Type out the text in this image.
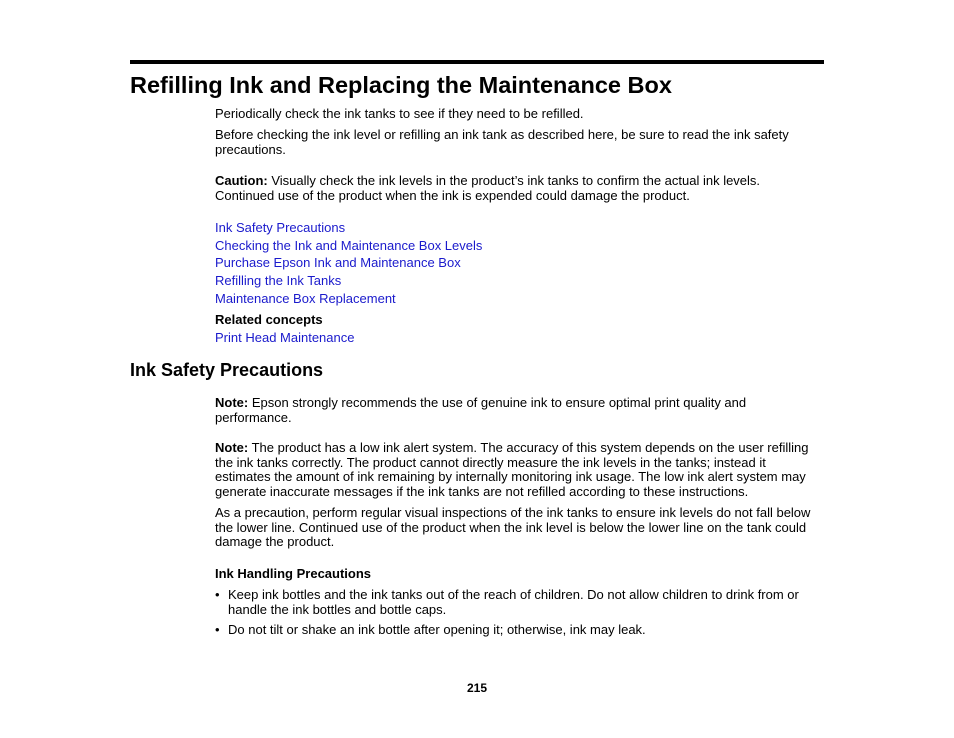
Refilling Ink and Replacing the Maintenance Box

Periodically check the ink tanks to see if they need to be refilled.

Before checking the ink level or refilling an ink tank as described here, be sure to read the ink safety precautions.

Caution: Visually check the ink levels in the product’s ink tanks to confirm the actual ink levels. Continued use of the product when the ink is expended could damage the product.

Ink Safety Precautions
Checking the Ink and Maintenance Box Levels
Purchase Epson Ink and Maintenance Box
Refilling the Ink Tanks
Maintenance Box Replacement
Related concepts
Print Head Maintenance
Ink Safety Precautions

Note: Epson strongly recommends the use of genuine ink to ensure optimal print quality and performance.

Note: The product has a low ink alert system. The accuracy of this system depends on the user refilling the ink tanks correctly. The product cannot directly measure the ink levels in the tanks; instead it estimates the amount of ink remaining by internally monitoring ink usage. The low ink alert system may generate inaccurate messages if the ink tanks are not refilled according to these instructions.

As a precaution, perform regular visual inspections of the ink tanks to ensure ink levels do not fall below the lower line. Continued use of the product when the ink level is below the lower line on the tank could damage the product.

Ink Handling Precautions
• Keep ink bottles and the ink tanks out of the reach of children. Do not allow children to drink from or handle the ink bottles and bottle caps.

• Do not tilt or shake an ink bottle after opening it; otherwise, ink may leak.

215
